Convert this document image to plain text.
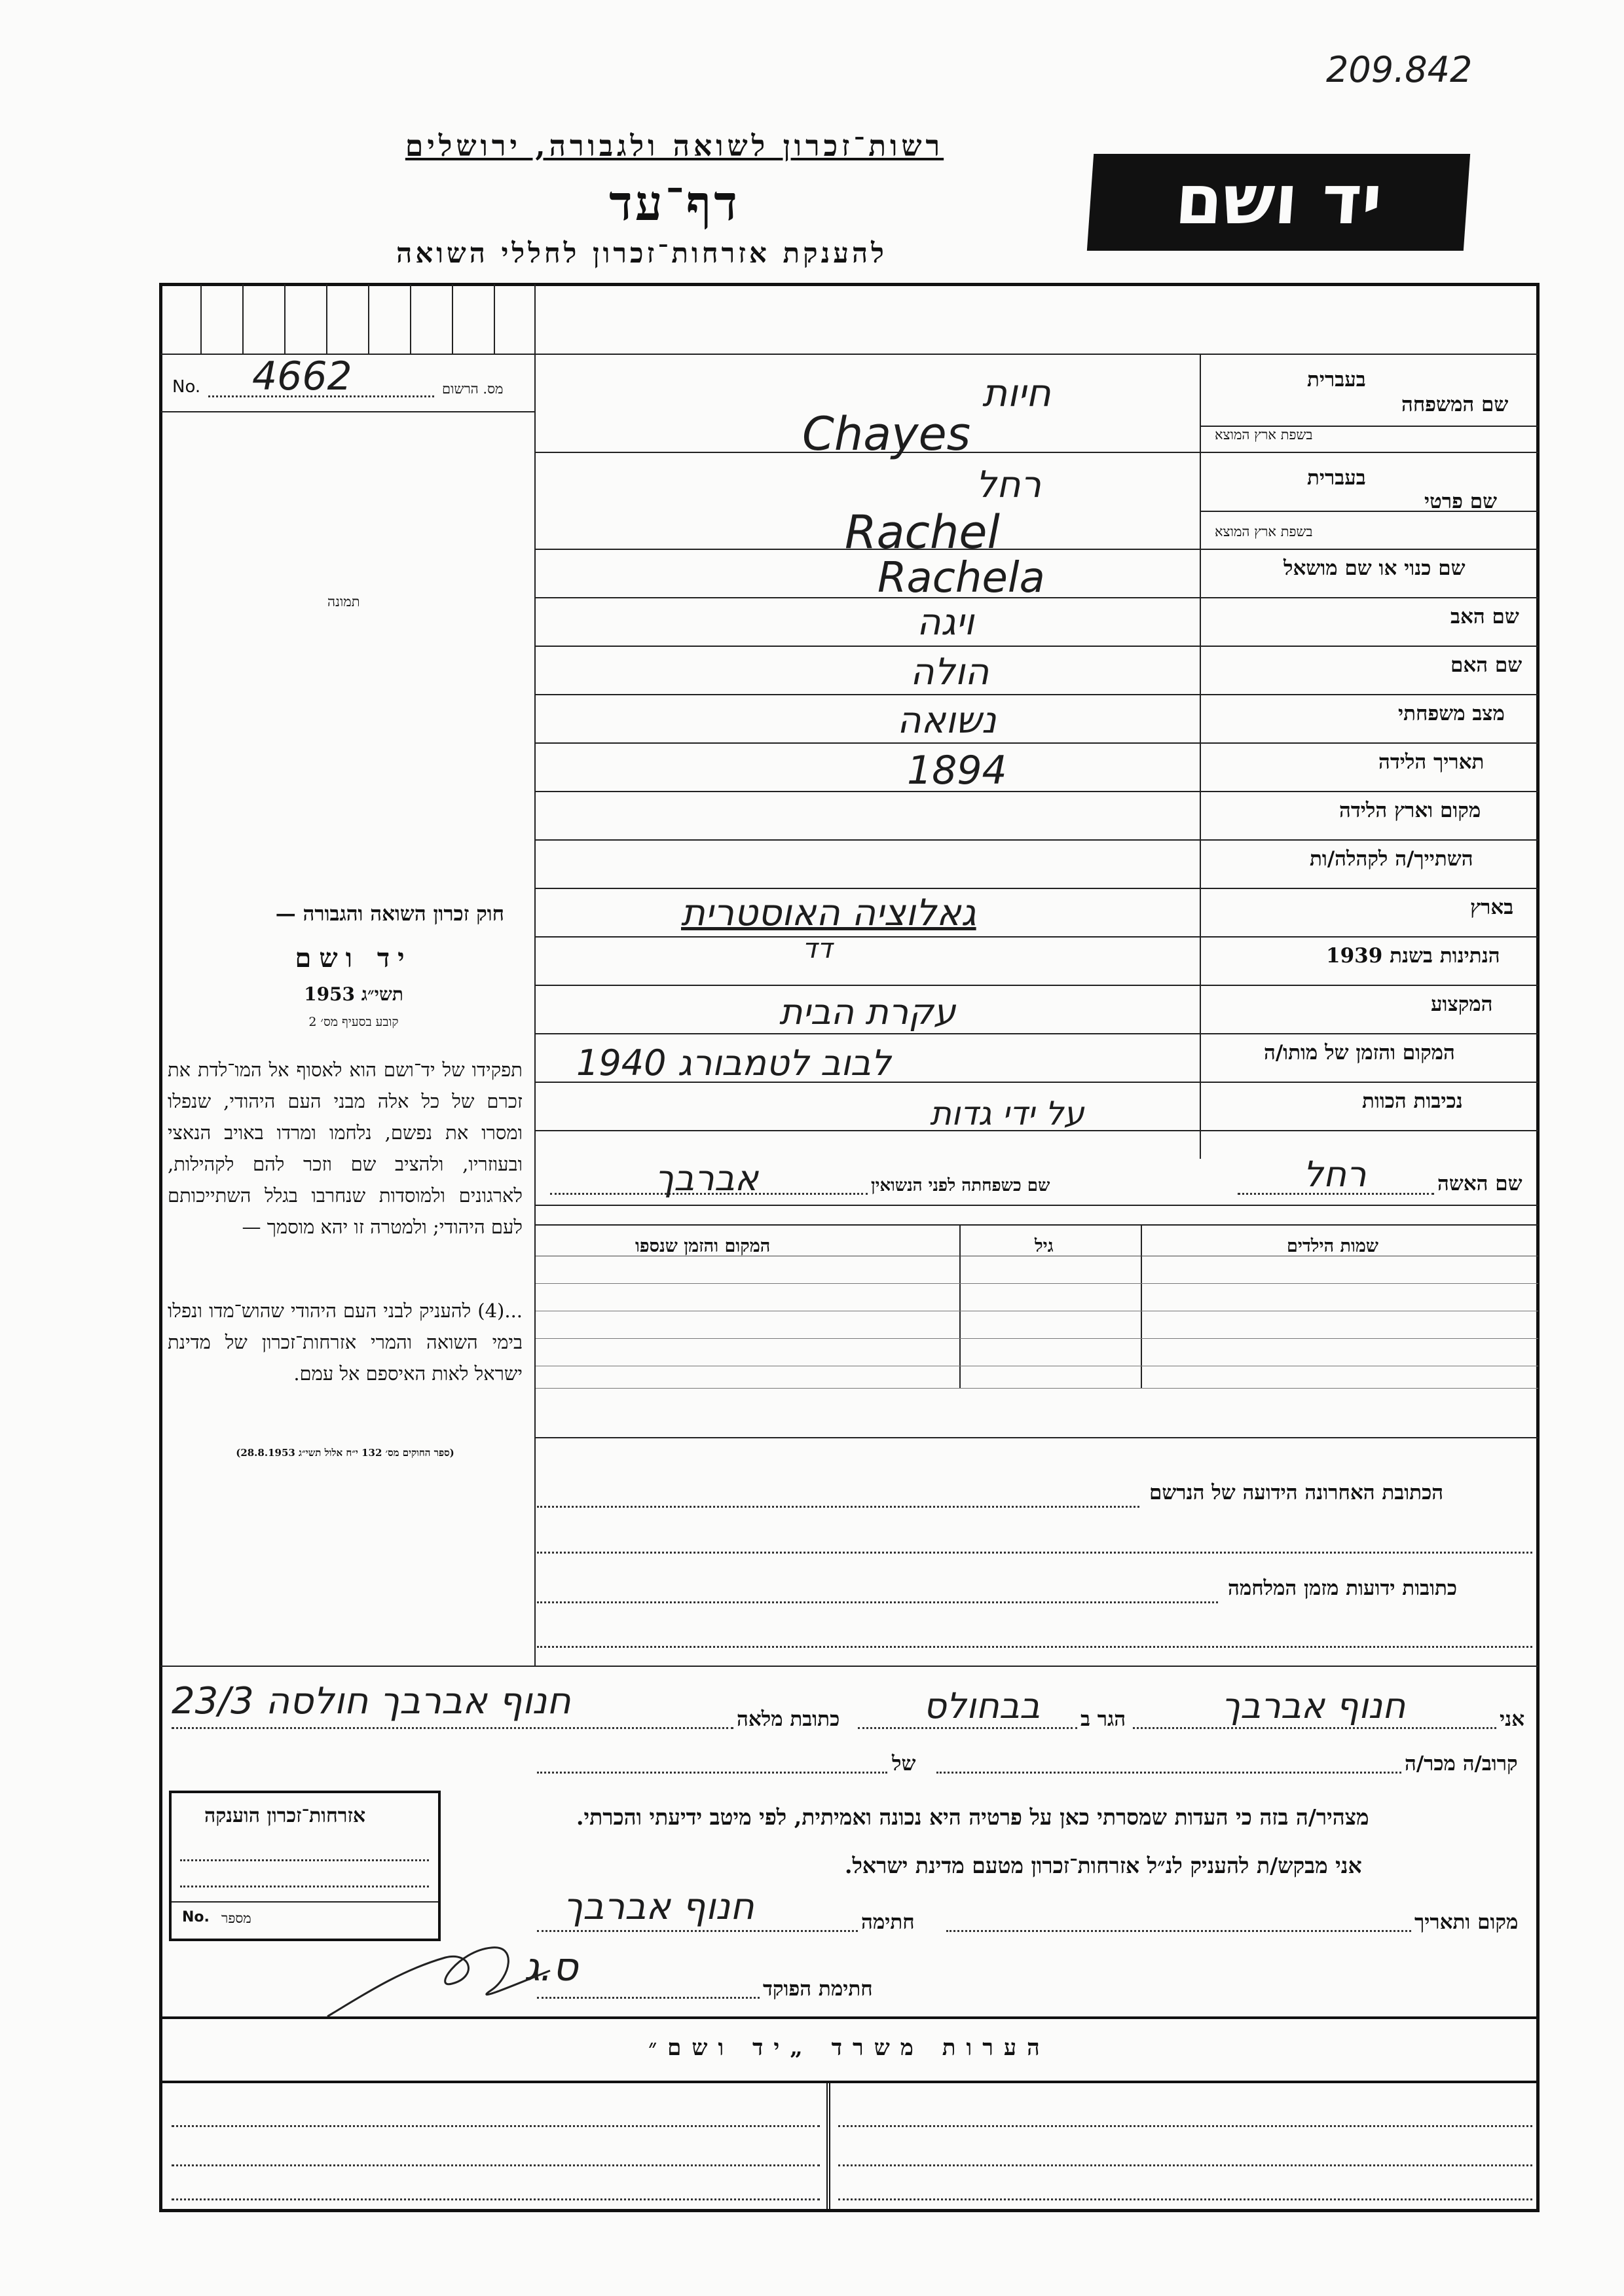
209.842
רשות־זכרון לשואה ולגבורה, ירושלים
דף־עד
להענקת אזרחות־זכרון לחללי השואה
יד ושם
No. 4662	מס. הרשום
תמונה
חוק זכרון השואה והגבורה —
יד ושם
תשי״ג 1953
קובע בסעיף מס׳ 2
תפקידו של יד־ושם הוא לאסוף אל המו־לדת את זכרם של כל אלה מבני העם היהודי, שנפלו ומסרו את נפשם, נלחמו ומרדו באויב הנאצי ובעוזריו, ולהציב שם וזכר להם לקהילות, לארגונים ולמוסדות שנחרבו בגלל השתייכותם לעם היהודי; ולמטרה זו יהא מוסמך —
...(4) להעניק לבני העם היהודי שהוש־מדו ונפלו בימי השואה והמרי אזרחות־זכרון של מדינת ישראל לאות האיספם אל עמם.
(ספר החוקים מס׳ 132 י״ח אלול תשי״ג 28.8.1953)
בעברית
שם המשפחה
בשפת ארץ המוצא
בעברית
שם פרטי
בשפת ארץ המוצא
שם כנוי או שם מושאל
שם האב
שם האם
מצב משפחתי
תאריך הלידה
מקום וארץ הלידה
השתייך/ה לקהלה/ות
בארץ
הנתינות בשנת 1939
המקצוע
המקום והזמן של מותו/ה
נכיבות הכוות
חיות
Chayes
רחל
Rachel
Rachela
ויגה
הולה
נשואה
1894
גאלוציה האוסטרית
דד
עקרת הבית
לבוב לטמבורג 1940
על ידי גדות
שם האשה
רחל
שם כשפחתה לפני הנשואין
אברבך
שמות הילדים
גיל
המקום והזמן שנספו
הכתובת האחרונה הידועה של הנרשם
כתובות ידועות מזמן המלחמה
אני
חנוף אברבך
הגר ב
בבחולס
כתובת מלאה
חנוף אברבך חולסה 23/3
קרוב/ה מכר/ה
של
מצהיר/ה בזה כי העדות שמסרתי כאן על פרטיה היא נכונה ואמיתית, לפי מיטב ידיעתי והכרתי.
אני מבקש/ת להעניק לנ״ל אזרחות־זכרון מטעם מדינת ישראל.
מקום ותאריך
חתימה
חנוף אברבך
חתימת הפוקד
ס.ג
אזרחות־זכרון הוענקה
No. מספר
הערות משרד „יד ושם״
